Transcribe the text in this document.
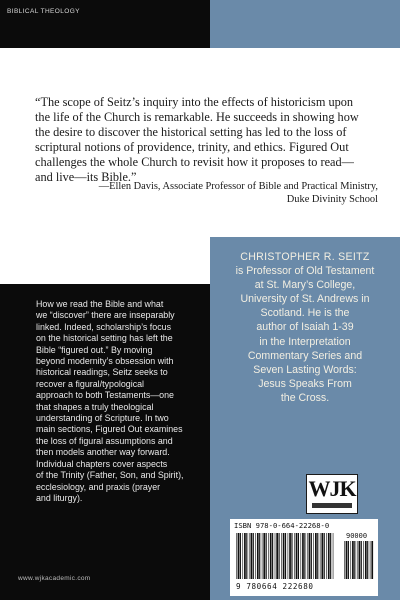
BIBLICAL THEOLOGY
“The scope of Seitz’s inquiry into the effects of historicism upon
the life of the Church is remarkable. He succeeds in showing how
the desire to discover the historical setting has led to the loss of
scriptural notions of providence, trinity, and ethics. Figured Out
challenges the whole Church to revisit how it proposes to read—
and live—its Bible.”
—Ellen Davis, Associate Professor of Bible and Practical Ministry,
Duke Divinity School
How we read the Bible and what
we “discover” there are inseparably
linked. Indeed, scholarship’s focus
on the historical setting has left the
Bible “figured out.” By moving
beyond modernity’s obsession with
historical readings, Seitz seeks to
recover a figural/typological
approach to both Testaments—one
that shapes a truly theological
understanding of Scripture. In two
main sections, Figured Out examines
the loss of figural assumptions and
then models another way forward.
Individual chapters cover aspects
of the Trinity (Father, Son, and Spirit),
ecclesiology, and praxis (prayer
and liturgy).
CHRISTOPHER R. SEITZ
is Professor of Old Testament
at St. Mary’s College,
University of St. Andrews in
Scotland. He is the
author of Isaiah 1-39
in the Interpretation
Commentary Series and
Seven Lasting Words:
Jesus Speaks From
the Cross.
WJK
ISBN 978-0-664-22268-0
90000
9 780664 222680
www.wjkacademic.com
